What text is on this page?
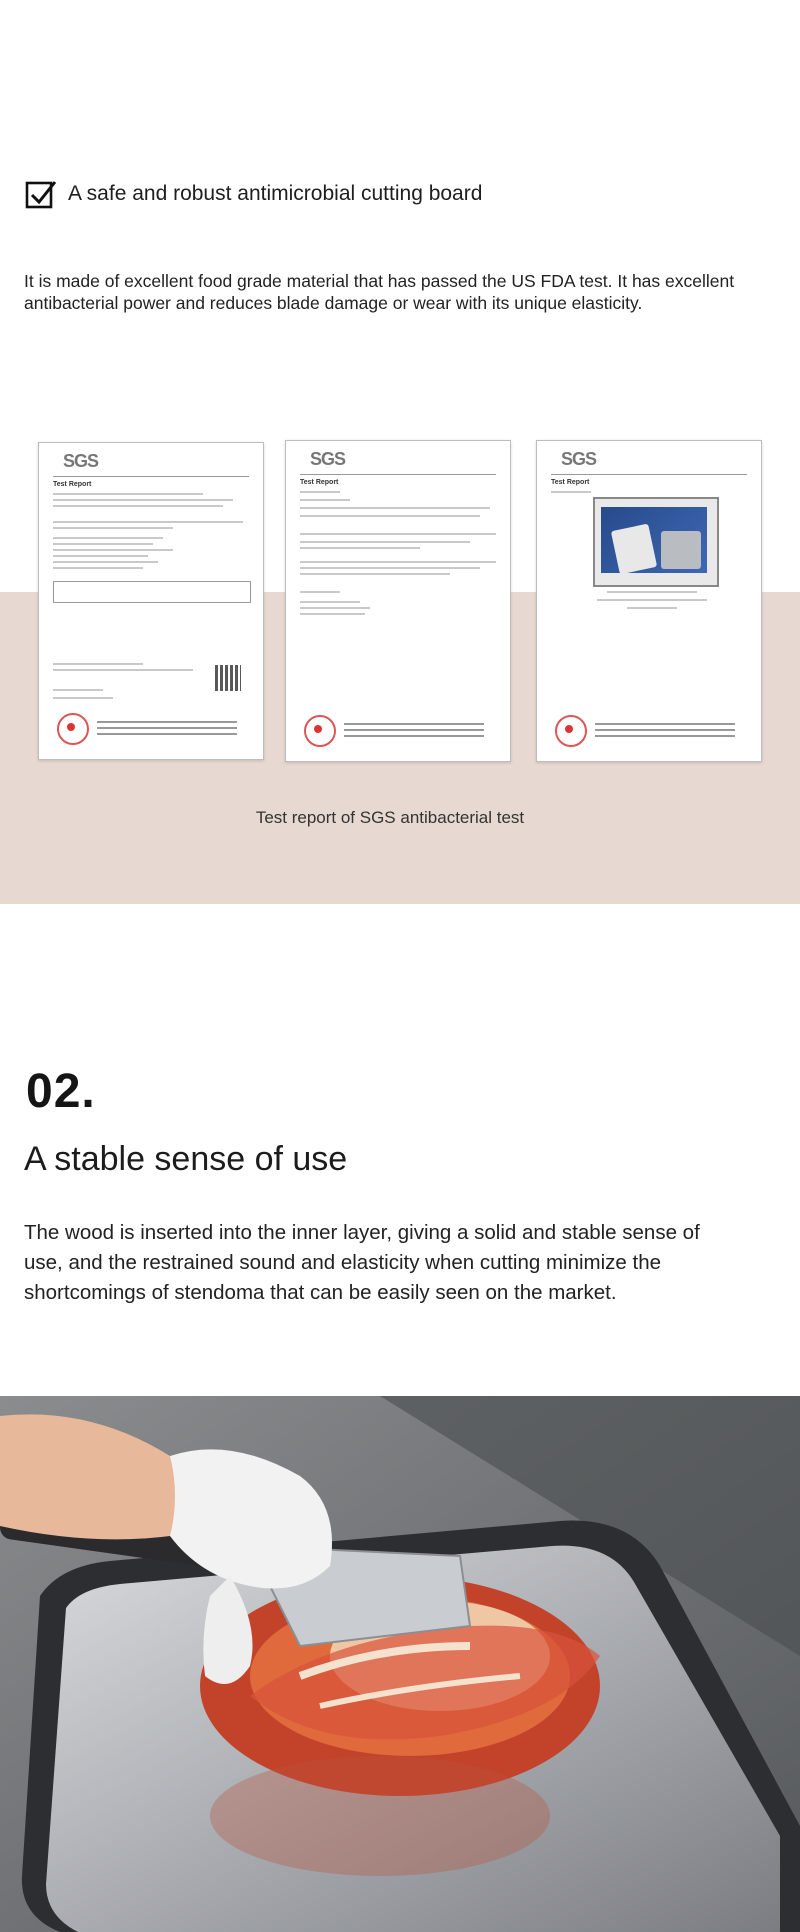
A safe and robust antimicrobial cutting board
It is made of excellent food grade material that has passed the US FDA test. It has excellent antibacterial power and reduces blade damage or wear with its unique elasticity.
SGS
Test Report
SGS
Test Report
SGS
Test Report
Test report of SGS antibacterial test
02.
A stable sense of use
The wood is inserted into the inner layer, giving a solid and stable sense of use, and the restrained sound and elasticity when cutting minimize the shortcomings of stendoma that can be easily seen on the market.
